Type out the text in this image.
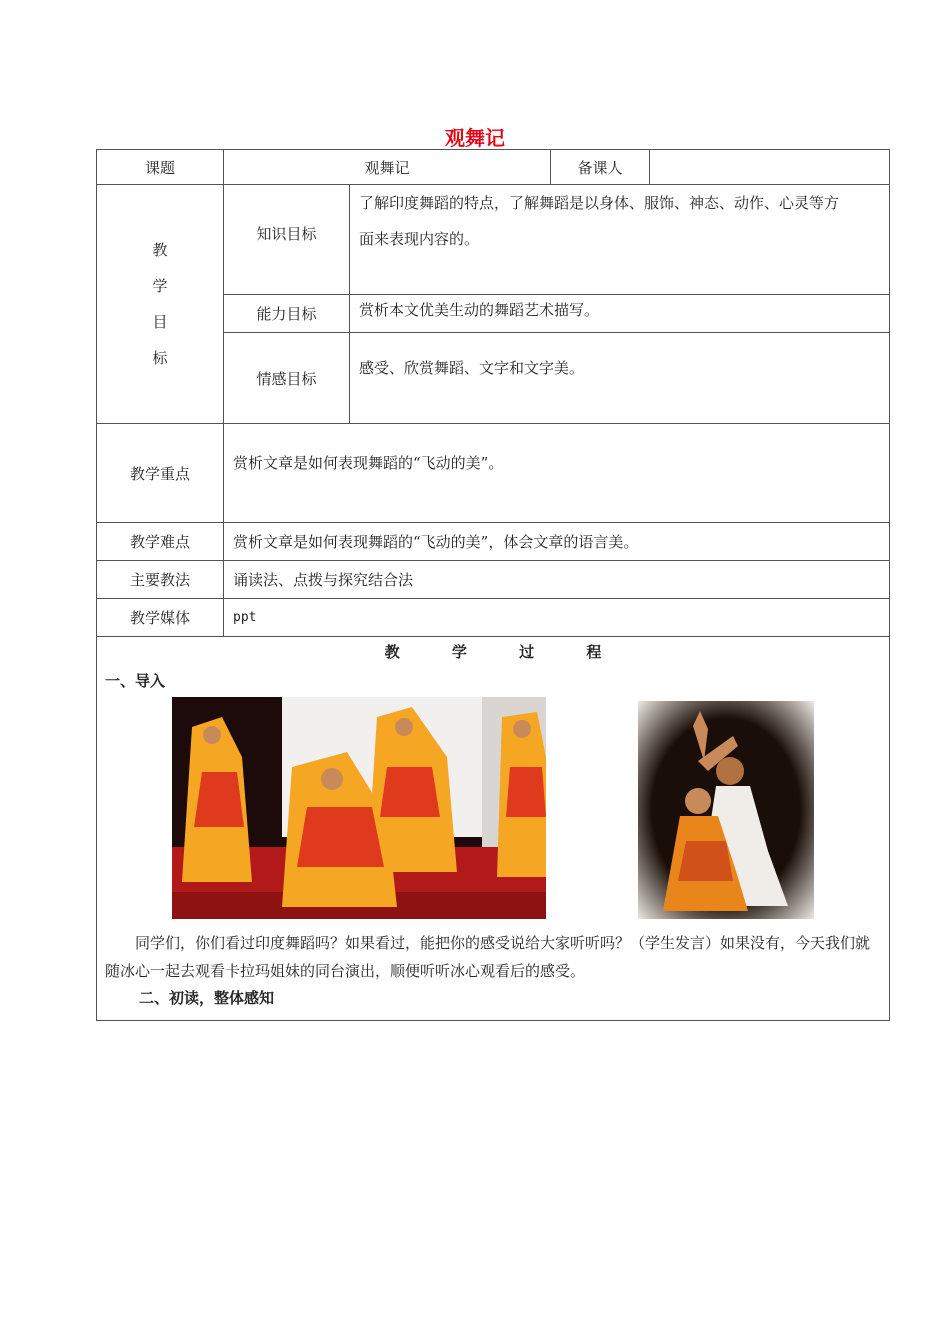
观舞记
课题	观舞记		备课人	

教
学
目
标	知识目标	了解印度舞蹈的特点，了解舞蹈是以身体、服饰、神态、动作、心灵等方面来表现内容的。		
	能力目标	赏析本文优美生动的舞蹈艺术描写。		
	情感目标	感受、欣赏舞蹈、文字和文字美。		
教学重点	赏析文章是如何表现舞蹈的“飞动的美”。			
教学难点	赏析文章是如何表现舞蹈的“飞动的美”，体会文章的语言美。			
主要教法	诵读法、点拨与探究结合法			
教学媒体	ppt			

教 学 过 程
一、导入
同学们，你们看过印度舞蹈吗？如果看过，能把你的感受说给大家听听吗？（学生发言）如果没有，今天我们就随冰心一起去观看卡拉玛姐妹的同台演出，顺便听听冰心观看后的感受。
二、初读，整体感知				
